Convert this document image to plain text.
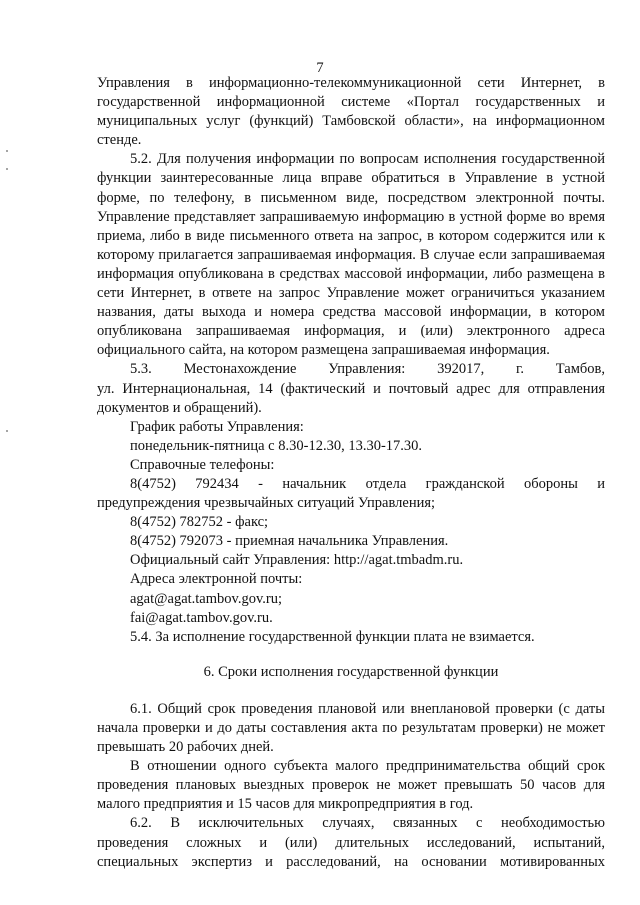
7

Управления в информационно-телекоммуникационной сети Интернет, в

государственной информационной системе «Портал государственных и

муниципальных услуг (функций) Тамбовской области», на информационном

стенде.

5.2. Для получения информации по вопросам исполнения государственной функции заинтересованные лица вправе обратиться в Управление в устной форме, по телефону, в письменном виде, посредством электронной почты. Управление представляет запрашиваемую информацию в устной форме во время приема, либо в виде письменного ответа на запрос, в котором содержится или к которому прилагается запрашиваемая информация. В случае если запрашиваемая информация опубликована в средствах массовой информации, либо размещена в сети Интернет, в ответе на запрос Управление может ограничиться указанием названия, даты выхода и номера средства массовой информации, в котором опубликована запрашиваемая информация, и (или) электронного адреса официального сайта, на котором размещена запрашиваемая информация.

5.3. Местонахождение Управления: 392017, г. Тамбов,

ул. Интернациональная, 14 (фактический и почтовый адрес для отправления документов и обращений).

График работы Управления:

понедельник-пятница с 8.30-12.30, 13.30-17.30.

Справочные телефоны:

8(4752) 792434 - начальник отдела гражданской обороны и

предупреждения чрезвычайных ситуаций Управления;

8(4752) 782752 - факс;

8(4752) 792073 - приемная начальника Управления.

Официальный сайт Управления: http://agat.tmbadm.ru.

Адреса электронной почты:

agat@agat.tambov.gov.ru;

fai@agat.tambov.gov.ru.

5.4. За исполнение государственной функции плата не взимается.

6. Сроки исполнения государственной функции

6.1. Общий срок проведения плановой или внеплановой проверки (с даты начала проверки и до даты составления акта по результатам проверки) не может превышать 20 рабочих дней.

В отношении одного субъекта малого предпринимательства общий срок проведения плановых выездных проверок не может превышать 50 часов для малого предприятия и 15 часов для микропредприятия в год.

6.2. В исключительных случаях, связанных с необходимостью

проведения сложных и (или) длительных исследований, испытаний,

специальных экспертиз и расследований, на основании мотивированных
